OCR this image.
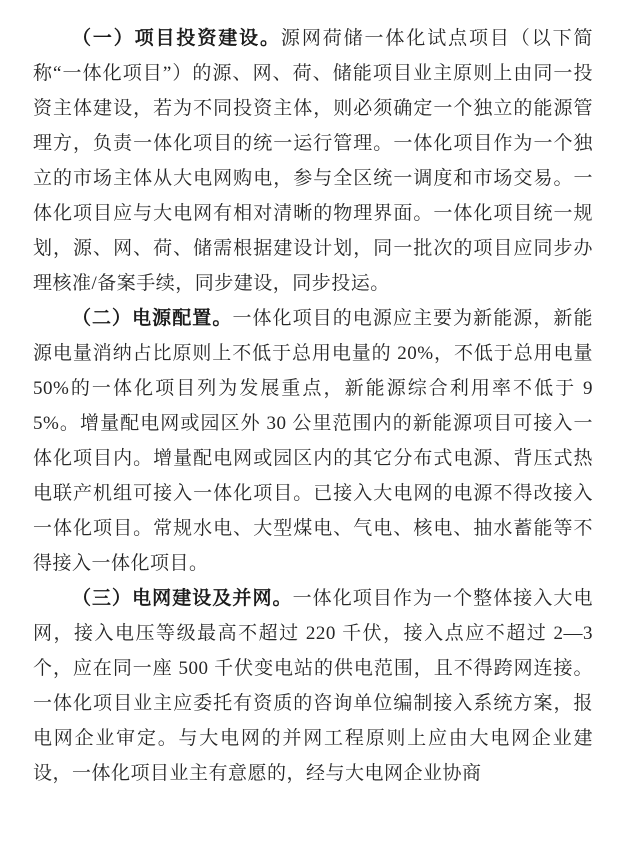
（一）项目投资建设。源网荷储一体化试点项目（以下简称“一体化项目”）的源、网、荷、储能项目业主原则上由同一投资主体建设，若为不同投资主体，则必须确定一个独立的能源管理方，负责一体化项目的统一运行管理。一体化项目作为一个独立的市场主体从大电网购电，参与全区统一调度和市场交易。一体化项目应与大电网有相对清晰的物理界面。一体化项目统一规划，源、网、荷、储需根据建设计划，同一批次的项目应同步办理核准/备案手续，同步建设，同步投运。

（二）电源配置。一体化项目的电源应主要为新能源，新能源电量消纳占比原则上不低于总用电量的 20%，不低于总用电量 50%的一体化项目列为发展重点，新能源综合利用率不低于 95%。增量配电网或园区外 30 公里范围内的新能源项目可接入一体化项目内。增量配电网或园区内的其它分布式电源、背压式热电联产机组可接入一体化项目。已接入大电网的电源不得改接入一体化项目。常规水电、大型煤电、气电、核电、抽水蓄能等不得接入一体化项目。

（三）电网建设及并网。一体化项目作为一个整体接入大电网，接入电压等级最高不超过 220 千伏，接入点应不超过 2—3 个，应在同一座 500 千伏变电站的供电范围，且不得跨网连接。一体化项目业主应委托有资质的咨询单位编制接入系统方案，报电网企业审定。与大电网的并网工程原则上应由大电网企业建设，一体化项目业主有意愿的，经与大电网企业协商
